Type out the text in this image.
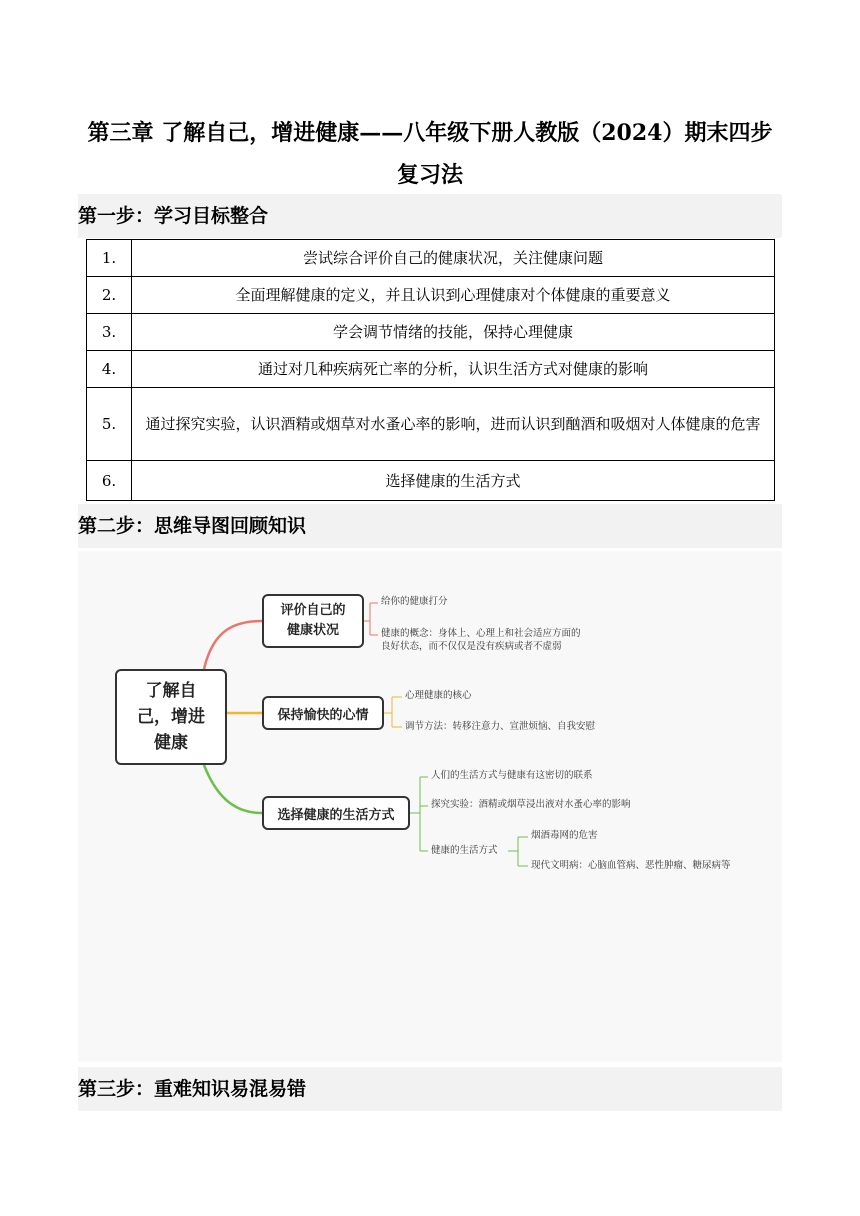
第三章 了解自己，增进健康——八年级下册人教版（2024）期末四步复习法
第一步：学习目标整合
1.	尝试综合评价自己的健康状况，关注健康问题
2.	全面理解健康的定义，并且认识到心理健康对个体健康的重要意义
3.	学会调节情绪的技能，保持心理健康
4.	通过对几种疾病死亡率的分析，认识生活方式对健康的影响
5.	通过探究实验，认识酒精或烟草对水蚤心率的影响，进而认识到酗酒和吸烟对人体健康的危害
6.	选择健康的生活方式
第二步：思维导图回顾知识
了解自己，增进健康
评价自己的健康状况
保持愉快的心情
选择健康的生活方式
给你的健康打分
健康的概念：身体上、心理上和社会适应方面的
良好状态，而不仅仅是没有疾病或者不虚弱
心理健康的核心
调节方法：转移注意力、宣泄烦恼、自我安慰
人们的生活方式与健康有这密切的联系
探究实验：酒精或烟草浸出液对水蚤心率的影响
健康的生活方式
烟酒毒网的危害
现代文明病：心脑血管病、恶性肿瘤、糖尿病等
第三步：重难知识易混易错
